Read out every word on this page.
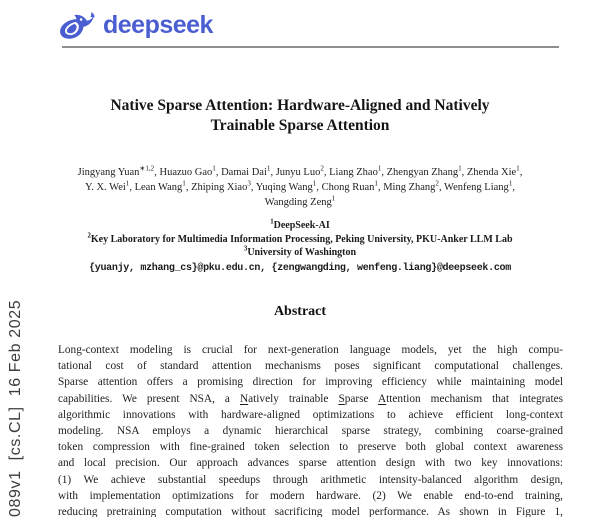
deepseek
089v1  [cs.CL]  16 Feb 2025
Native Sparse Attention: Hardware-Aligned and Natively
Trainable Sparse Attention
Jingyang Yuan$^{∗1,2}$, Huazuo Gao$^1$, Damai Dai$^1$, Junyu Luo$^2$, Liang Zhao$^1$, Zhengyan Zhang$^1$, Zhenda Xie$^1$,
Y. X. Wei$^1$, Lean Wang$^1$, Zhiping Xiao$^3$, Yuqing Wang$^1$, Chong Ruan$^1$, Ming Zhang$^2$, Wenfeng Liang$^1$,
Wangding Zeng$^1$
$^1$DeepSeek-AI
$^2$Key Laboratory for Multimedia Information Processing, Peking University, PKU-Anker LLM Lab
$^3$University of Washington
{yuanjy, mzhang_cs}@pku.edu.cn, {zengwangding, wenfeng.liang}@deepseek.com
Abstract
Long-context modeling is crucial for next-generation language models, yet the high compu-
tational cost of standard attention mechanisms poses significant computational challenges.
Sparse attention offers a promising direction for improving efficiency while maintaining model
capabilities. We present NSA, a Natively trainable Sparse Attention mechanism that integrates
algorithmic innovations with hardware-aligned optimizations to achieve efficient long-context
modeling. NSA employs a dynamic hierarchical sparse strategy, combining coarse-grained
token compression with fine-grained token selection to preserve both global context awareness
and local precision. Our approach advances sparse attention design with two key innovations:
(1) We achieve substantial speedups through arithmetic intensity-balanced algorithm design,
with implementation optimizations for modern hardware. (2) We enable end-to-end training,
reducing pretraining computation without sacrificing model performance. As shown in Figure 1,
